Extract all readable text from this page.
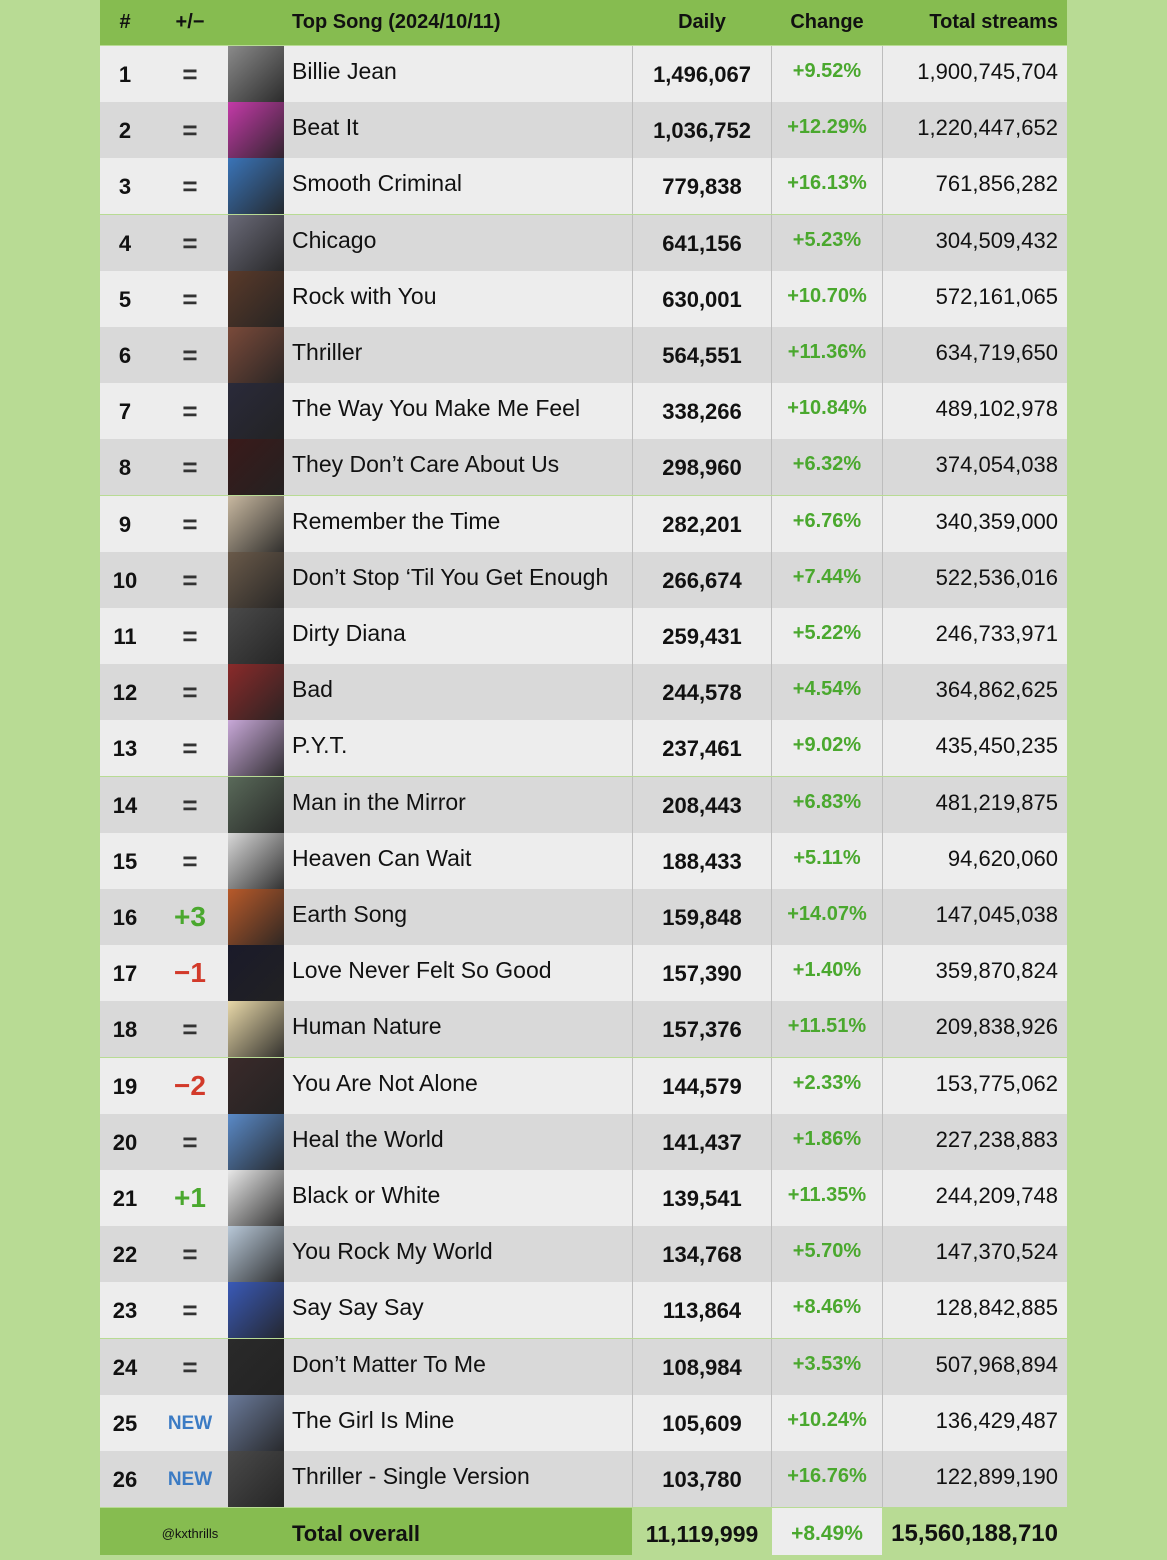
#	+/−	Top Song (2024/10/11)	Daily	Change	Total streams
1	=	Billie Jean	1,496,067	+9.52%	1,900,745,704
2	=	Beat It	1,036,752	+12.29%	1,220,447,652
3	=	Smooth Criminal	779,838	+16.13%	761,856,282
4	=	Chicago	641,156	+5.23%	304,509,432
5	=	Rock with You	630,001	+10.70%	572,161,065
6	=	Thriller	564,551	+11.36%	634,719,650
7	=	The Way You Make Me Feel	338,266	+10.84%	489,102,978
8	=	They Don’t Care About Us	298,960	+6.32%	374,054,038
9	=	Remember the Time	282,201	+6.76%	340,359,000
10	=	Don’t Stop ‘Til You Get Enough	266,674	+7.44%	522,536,016
11	=	Dirty Diana	259,431	+5.22%	246,733,971
12	=	Bad	244,578	+4.54%	364,862,625
13	=	P.Y.T.	237,461	+9.02%	435,450,235
14	=	Man in the Mirror	208,443	+6.83%	481,219,875
15	=	Heaven Can Wait	188,433	+5.11%	94,620,060
16	+3	Earth Song	159,848	+14.07%	147,045,038
17	−1	Love Never Felt So Good	157,390	+1.40%	359,870,824
18	=	Human Nature	157,376	+11.51%	209,838,926
19	−2	You Are Not Alone	144,579	+2.33%	153,775,062
20	=	Heal the World	141,437	+1.86%	227,238,883
21	+1	Black or White	139,541	+11.35%	244,209,748
22	=	You Rock My World	134,768	+5.70%	147,370,524
23	=	Say Say Say	113,864	+8.46%	128,842,885
24	=	Don’t Matter To Me	108,984	+3.53%	507,968,894
25	NEW	The Girl Is Mine	105,609	+10.24%	136,429,487
26	NEW	Thriller - Single Version	103,780	+16.76%	122,899,190
@kxthrills	Total overall	11,119,999	+8.49%	15,560,188,710
